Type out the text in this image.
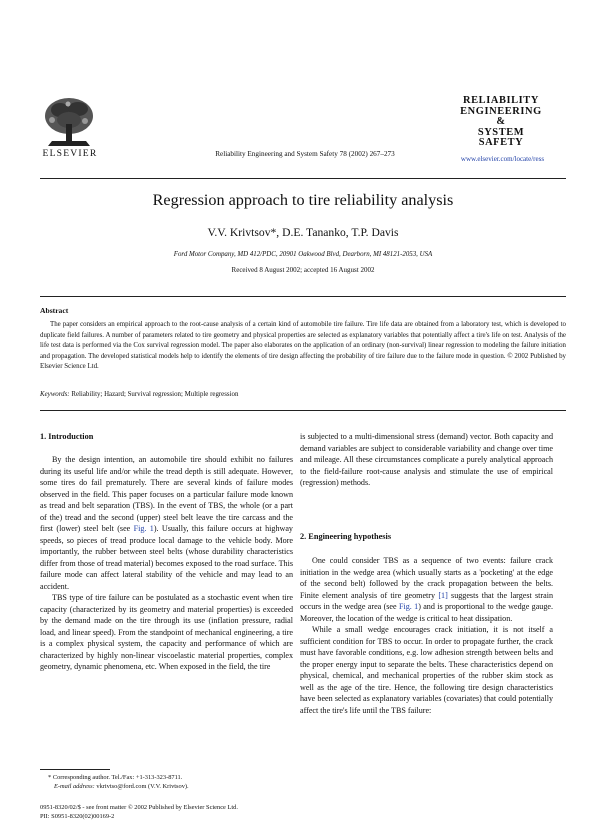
ELSEVIER	Reliability Engineering and System Safety 78 (2002) 267–273
RELIABILITY
ENGINEERING
&
SYSTEM
SAFETY
www.elsevier.com/locate/ress
Regression approach to tire reliability analysis
V.V. Krivtsov*, D.E. Tananko, T.P. Davis
Ford Motor Company, MD 412/PDC, 20901 Oakwood Blvd, Dearborn, MI 48121-2053, USA
Received 8 August 2002; accepted 16 August 2002
Abstract
The paper considers an empirical approach to the root-cause analysis of a certain kind of automobile tire failure. Tire life data are obtained from a laboratory test, which is developed to duplicate field failures. A number of parameters related to tire geometry and physical properties are selected as explanatory variables that potentially affect a tire's life on test. Analysis of the life test data is performed via the Cox survival regression model. The paper also elaborates on the application of an ordinary (non-survival) linear regression to modeling the failure initiation and propagation. The developed statistical models help to identify the elements of tire design affecting the probability of tire failure due to the failure mode in question. © 2002 Published by Elsevier Science Ltd.
Keywords: Reliability; Hazard; Survival regression; Multiple regression
1. Introduction

By the design intention, an automobile tire should exhibit no failures during its useful life and/or while the tread depth is still adequate. However, some tires do fail prematurely. There are several kinds of failure modes observed in the field. This paper focuses on a particular failure mode known as tread and belt separation (TBS). In the event of TBS, the whole (or a part of the) tread and the second (upper) steel belt leave the tire carcass and the first (lower) steel belt (see Fig. 1). Usually, this failure occurs at highway speeds, so pieces of tread produce local damage to the vehicle body. More importantly, the rubber between steel belts (whose durability characteristics differ from those of tread material) becomes exposed to the road surface. This failure mode can affect lateral stability of the vehicle and may lead to an accident.

TBS type of tire failure can be postulated as a stochastic event when tire capacity (characterized by its geometry and material properties) is exceeded by the demand made on the tire through its use (inflation pressure, radial load, and linear speed). From the standpoint of mechanical engineering, a tire is a complex physical system, the capacity and performance of which are characterized by highly non-linear viscoelastic material properties, complex geometry, dynamic phenomena, etc. When exposed in the field, the tire

is subjected to a multi-dimensional stress (demand) vector. Both capacity and demand variables are subject to considerable variability and change over time and mileage. All these circumstances complicate a purely analytical approach to the field-failure root-cause analysis and stimulate the use of empirical (regression) methods.

2. Engineering hypothesis

One could consider TBS as a sequence of two events: failure crack initiation in the wedge area (which usually starts as a 'pocketing' at the edge of the second belt) followed by the crack propagation between the belts. Finite element analysis of tire geometry [1] suggests that the largest strain occurs in the wedge area (see Fig. 1) and is proportional to the wedge gauge. Moreover, the location of the wedge is critical to heat dissipation.

While a small wedge encourages crack initiation, it is not itself a sufficient condition for TBS to occur. In order to propagate further, the crack must have favorable conditions, e.g. low adhesion strength between belts and the proper energy input to separate the belts. These characteristics depend on physical, chemical, and mechanical properties of the rubber skim stock as well as the age of the tire. Hence, the following tire design characteristics have been selected as explanatory variables (covariates) that could potentially affect the tire's life until the TBS failure:

* Corresponding author. Tel./Fax: +1-313-323-8711.
E-mail address: vkrivtso@ford.com (V.V. Krivtsov).
0951-8320/02/$ - see front matter © 2002 Published by Elsevier Science Ltd.
PII: S0951-8320(02)00169-2
